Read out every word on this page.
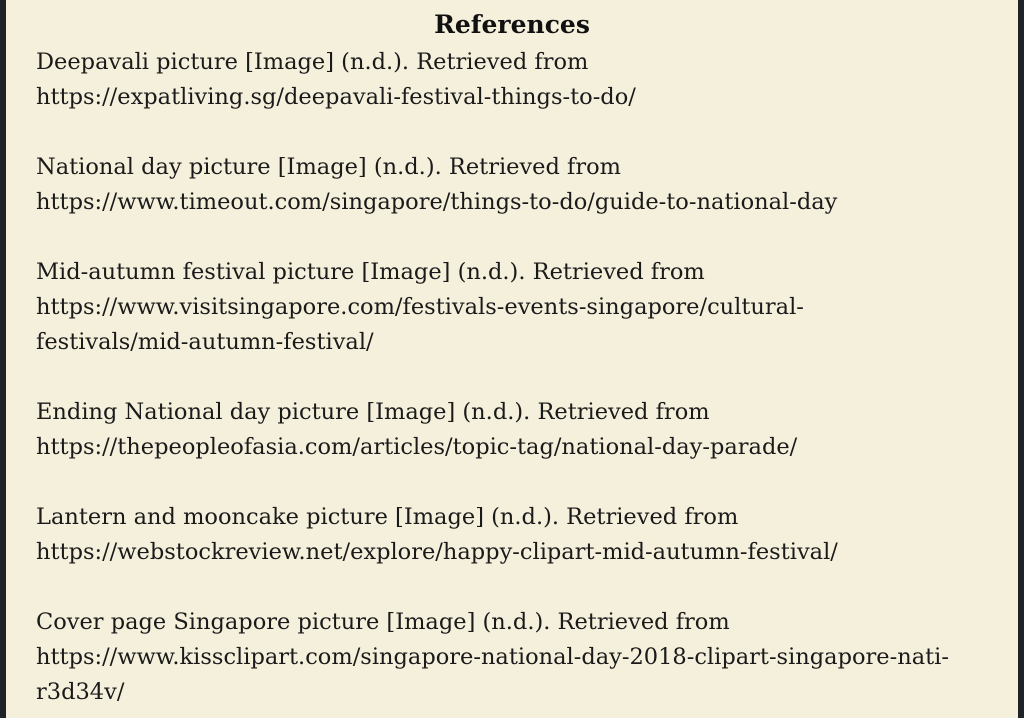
References
Deepavali picture [Image] (n.d.). Retrieved from
https://expatliving.sg/deepavali-festival-things-to-do/
National day picture [Image] (n.d.). Retrieved from
https://www.timeout.com/singapore/things-to-do/guide-to-national-day
Mid-autumn festival picture [Image] (n.d.). Retrieved from
https://www.visitsingapore.com/festivals-events-singapore/cultural-
festivals/mid-autumn-festival/
Ending National day picture [Image] (n.d.). Retrieved from
https://thepeopleofasia.com/articles/topic-tag/national-day-parade/
Lantern and mooncake picture [Image] (n.d.). Retrieved from
https://webstockreview.net/explore/happy-clipart-mid-autumn-festival/
Cover page Singapore picture [Image] (n.d.). Retrieved from
https://www.kissclipart.com/singapore-national-day-2018-clipart-singapore-nati-
r3d34v/
